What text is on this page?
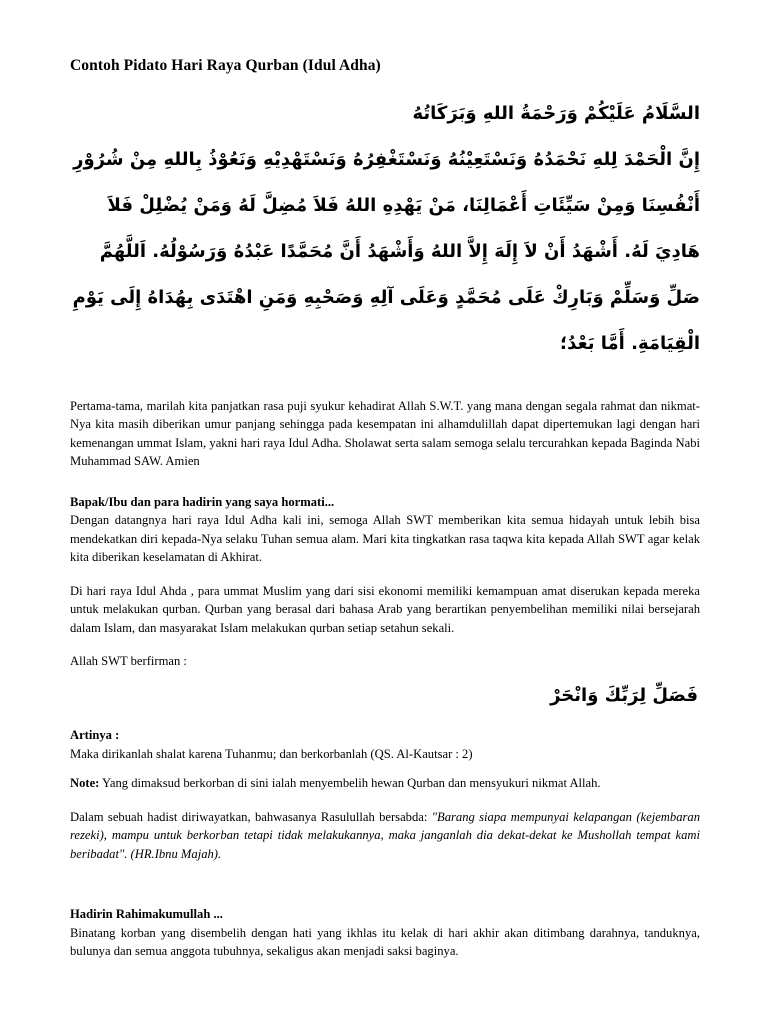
Contoh Pidato Hari Raya Qurban (Idul Adha)
السَّلَامُ عَلَيْكُمْ وَرَحْمَةُ اللهِ وَبَرَكَاتُهُ
إِنَّ الْحَمْدَ لِلهِ نَحْمَدُهُ وَنَسْتَعِيْنُهُ وَنَسْتَغْفِرُهُ وَنَسْتَهْدِيْهِ وَنَعُوْذُ بِاللهِ مِنْ شُرُوْرِ
أَنْفُسِنَا وَمِنْ سَيِّئَاتِ أَعْمَالِنَا، مَنْ يَهْدِهِ اللهُ فَلاَ مُضِلَّ لَهُ وَمَنْ يُضْلِلْ فَلاَ
هَادِيَ لَهُ. أَشْهَدُ أَنْ لاَ إِلَهَ إِلاَّ اللهُ وَأَشْهَدُ أَنَّ مُحَمَّدًا عَبْدُهُ وَرَسُوْلُهُ. اَللَّهُمَّ
صَلِّ وَسَلِّمْ وَبَارِكْ عَلَى مُحَمَّدٍ وَعَلَى آلِهِ وَصَحْبِهِ وَمَنِ اهْتَدَى بِهُدَاهُ إِلَى يَوْمِ
الْقِيَامَةِ. أَمَّا بَعْدُ؛

Pertama-tama, marilah kita panjatkan rasa puji syukur kehadirat Allah S.W.T. yang mana dengan segala rahmat dan nikmat-Nya kita masih diberikan umur panjang sehingga pada kesempatan ini alhamdulillah dapat dipertemukan lagi dengan hari kemenangan ummat Islam, yakni hari raya Idul Adha. Sholawat serta salam semoga selalu tercurahkan kepada Baginda Nabi Muhammad SAW. Amien

Bapak/Ibu dan para hadirin yang saya hormati...

Dengan datangnya hari raya Idul Adha kali ini, semoga Allah SWT memberikan kita semua hidayah untuk lebih bisa mendekatkan diri kepada-Nya selaku Tuhan semua alam. Mari kita tingkatkan rasa taqwa kita kepada Allah SWT agar kelak kita diberikan keselamatan di Akhirat.

Di hari raya Idul Ahda , para ummat Muslim yang dari sisi ekonomi memiliki kemampuan amat diserukan kepada mereka untuk melakukan qurban. Qurban yang berasal dari bahasa Arab yang berartikan penyembelihan memiliki nilai bersejarah dalam Islam, dan masyarakat Islam melakukan qurban setiap setahun sekali.

Allah SWT berfirman :

فَصَلِّ لِرَبِّكَ وَانْحَرْ

Artinya :

Maka dirikanlah shalat karena Tuhanmu; dan berkorbanlah (QS. Al-Kautsar : 2)

Note: Yang dimaksud berkorban di sini ialah menyembelih hewan Qurban dan mensyukuri nikmat Allah.

Dalam sebuah hadist diriwayatkan, bahwasanya Rasulullah bersabda: "Barang siapa mempunyai kelapangan (kejembaran rezeki), mampu untuk berkorban tetapi tidak melakukannya, maka janganlah dia dekat-dekat ke Mushollah tempat kami beribadat". (HR.Ibnu Majah).

Hadirin Rahimakumullah ...

Binatang korban yang disembelih dengan hati yang ikhlas itu kelak di hari akhir akan ditimbang darahnya, tanduknya, bulunya dan semua anggota tubuhnya, sekaligus akan menjadi saksi baginya.
